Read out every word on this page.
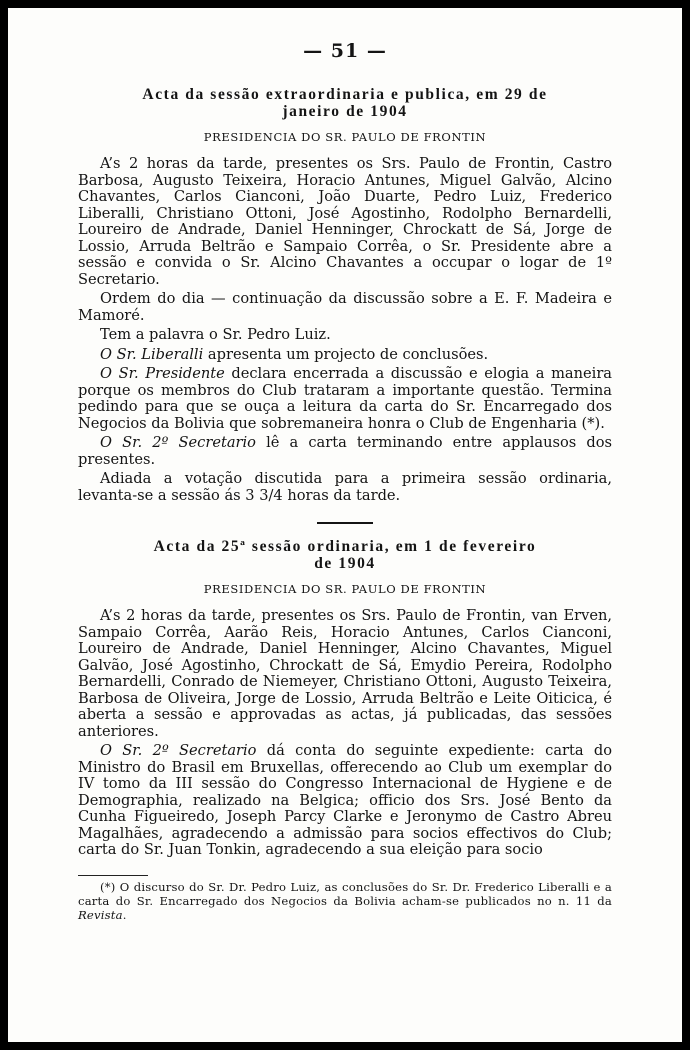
— 51 —
Acta da sessão extraordinaria e publica, em 29 de
janeiro de 1904
PRESIDENCIA DO SR. PAULO DE FRONTIN

A’s 2 horas da tarde, presentes os Srs. Paulo de Frontin, Castro Barbosa, Augusto Teixeira, Horacio Antunes, Miguel Galvão, Alcino Chavantes, Carlos Cianconi, João Duarte, Pedro Luiz, Frederico Liberalli, Christiano Ottoni, José Agostinho, Rodolpho Bernardelli, Loureiro de Andrade, Daniel Henninger, Chrockatt de Sá, Jorge de Lossio, Arruda Beltrão e Sampaio Corrêa, o Sr. Presidente abre a sessão e convida o Sr. Alcino Chavantes a occupar o logar de 1º Secretario.

Ordem do dia — continuação da discussão sobre a E. F. Madeira e Mamoré.

Tem a palavra o Sr. Pedro Luiz.

O Sr. Liberalli apresenta um projecto de conclusões.

O Sr. Presidente declara encerrada a discussão e elogia a maneira porque os membros do Club trataram a importante questão. Termina pedindo para que se ouça a leitura da carta do Sr. Encarregado dos Negocios da Bolivia que sobremaneira honra o Club de Engenharia (*).

O Sr. 2º Secretario lê a carta terminando entre applausos dos presentes.

Adiada a votação discutida para a primeira sessão ordinaria, levanta-se a sessão ás 3 3/4 horas da tarde.

Acta da 25ª sessão ordinaria, em 1 de fevereiro
de 1904
PRESIDENCIA DO SR. PAULO DE FRONTIN

A’s 2 horas da tarde, presentes os Srs. Paulo de Frontin, van Erven, Sampaio Corrêa, Aarão Reis, Horacio Antunes, Carlos Cianconi, Loureiro de Andrade, Daniel Henninger, Alcino Chavantes, Miguel Galvão, José Agostinho, Chrockatt de Sá, Emydio Pereira, Rodolpho Bernardelli, Conrado de Niemeyer, Christiano Ottoni, Augusto Teixeira, Barbosa de Oliveira, Jorge de Lossio, Arruda Beltrão e Leite Oiticica, é aberta a sessão e approvadas as actas, já publicadas, das sessões anteriores.

O Sr. 2º Secretario dá conta do seguinte expediente: carta do Ministro do Brasil em Bruxellas, offerecendo ao Club um exemplar do IV tomo da III sessão do Congresso Internacional de Hygiene e de Demographia, realizado na Belgica; officio dos Srs. José Bento da Cunha Figueiredo, Joseph Parcy Clarke e Jeronymo de Castro Abreu Magalhães, agradecendo a admissão para socios effectivos do Club; carta do Sr. Juan Tonkin, agradecendo a sua eleição para socio

(*) O discurso do Sr. Dr. Pedro Luiz, as conclusões do Sr. Dr. Frederico Liberalli e a carta do Sr. Encarregado dos Negocios da Bolivia acham-se publicados no n. 11 da Revista.
